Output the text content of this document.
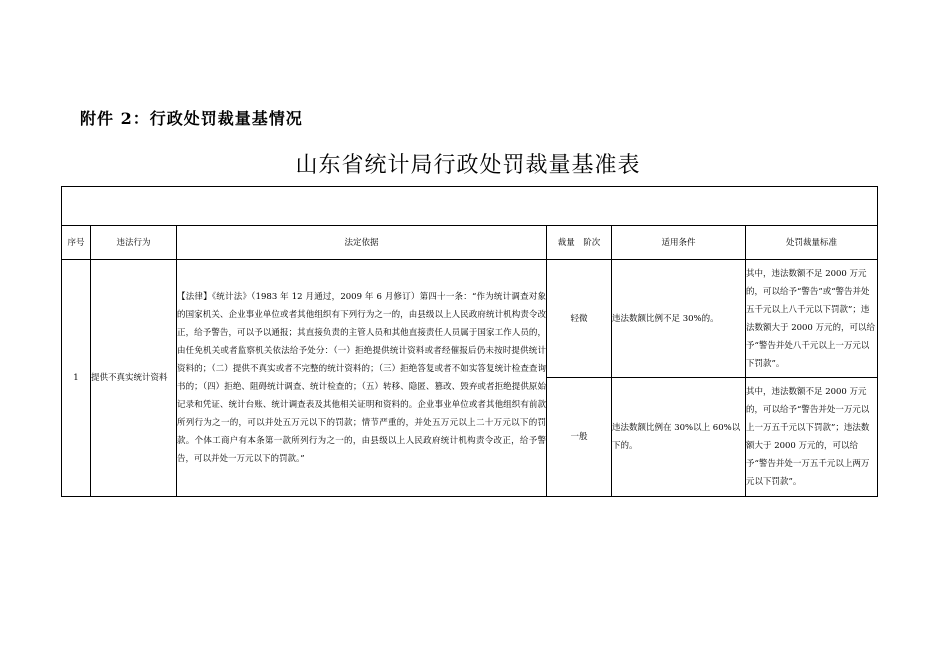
附件 2：行政处罚裁量基情况
山东省统计局行政处罚裁量基准表

序号	违法行为	法定依据	裁量　阶次	适用条件	处罚裁量标准
1	提供不真实统计资料	【法律】《统计法》（1983 年 12 月通过，2009 年 6 月修订）第四十一条：“作为统计调查对象的国家机关、企业事业单位或者其他组织有下列行为之一的，由县级以上人民政府统计机构责令改正，给予警告，可以予以通报；其直接负责的主管人员和其他直接责任人员属于国家工作人员的，由任免机关或者监察机关依法给予处分：（一）拒绝提供统计资料或者经催报后仍未按时提供统计资料的；（二）提供不真实或者不完整的统计资料的；（三）拒绝答复或者不如实答复统计检查查询书的；（四）拒绝、阻碍统计调查、统计检查的；（五）转移、隐匿、篡改、毁弃或者拒绝提供原始记录和凭证、统计台账、统计调查表及其他相关证明和资料的。企业事业单位或者其他组织有前款所列行为之一的，可以并处五万元以下的罚款；情节严重的，并处五万元以上二十万元以下的罚款。个体工商户有本条第一款所列行为之一的，由县级以上人民政府统计机构责令改正，给予警告，可以并处一万元以下的罚款。”	轻微	违法数额比例不足 30%的。	其中，违法数额不足 2000 万元的，可以给予“警告”或“警告并处五千元以上八千元以下罚款”；违法数额大于 2000 万元的，可以给予“警告并处八千元以上一万元以下罚款”。
			一般	违法数额比例在 30%以上 60%以下的。	其中，违法数额不足 2000 万元的，可以给予“警告并处一万元以上一万五千元以下罚款”；违法数额大于 2000 万元的，可以给予“警告并处一万五千元以上两万元以下罚款”。
